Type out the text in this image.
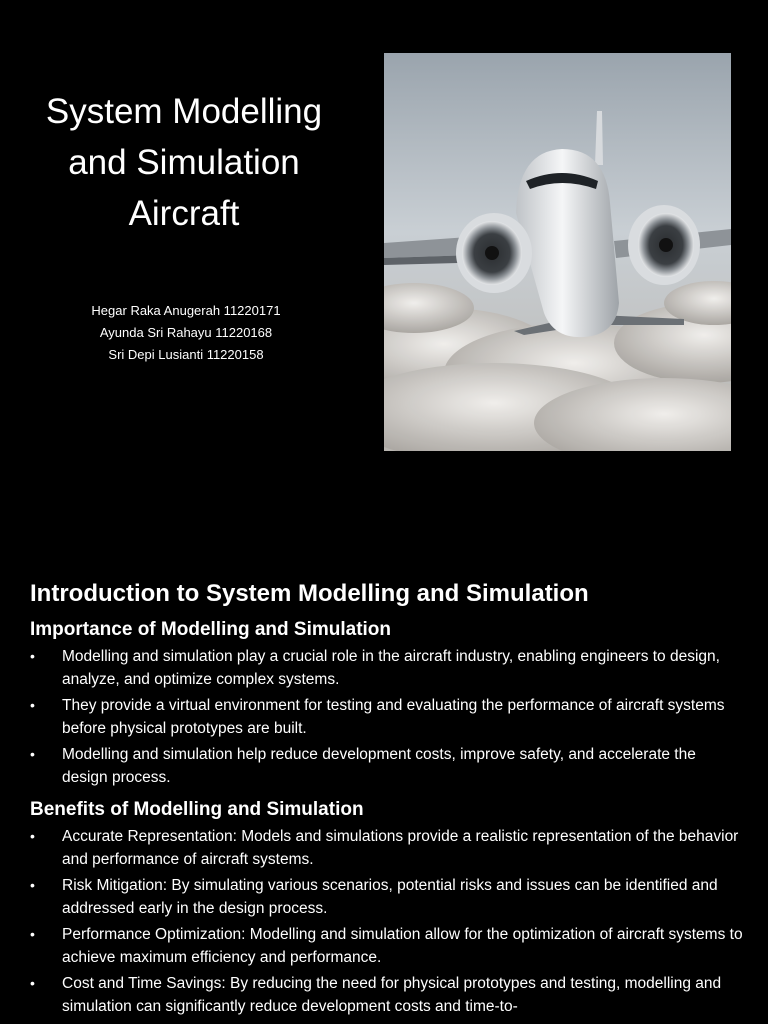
System Modelling
and Simulation
Aircraft
Hegar Raka Anugerah 11220171
Ayunda Sri Rahayu 11220168
Sri Depi Lusianti 11220158
Introduction to System Modelling and Simulation
Importance of Modelling and Simulation
• Modelling and simulation play a crucial role in the aircraft industry, enabling engineers to design, analyze, and optimize complex systems.
• They provide a virtual environment for testing and evaluating the performance of aircraft systems before physical prototypes are built.
• Modelling and simulation help reduce development costs, improve safety, and accelerate the design process.
Benefits of Modelling and Simulation
• Accurate Representation: Models and simulations provide a realistic representation of the behavior and performance of aircraft systems.
• Risk Mitigation: By simulating various scenarios, potential risks and issues can be identified and addressed early in the design process.
• Performance Optimization: Modelling and simulation allow for the optimization of aircraft systems to achieve maximum efficiency and performance.
• Cost and Time Savings: By reducing the need for physical prototypes and testing, modelling and simulation can significantly reduce development costs and time-to-
